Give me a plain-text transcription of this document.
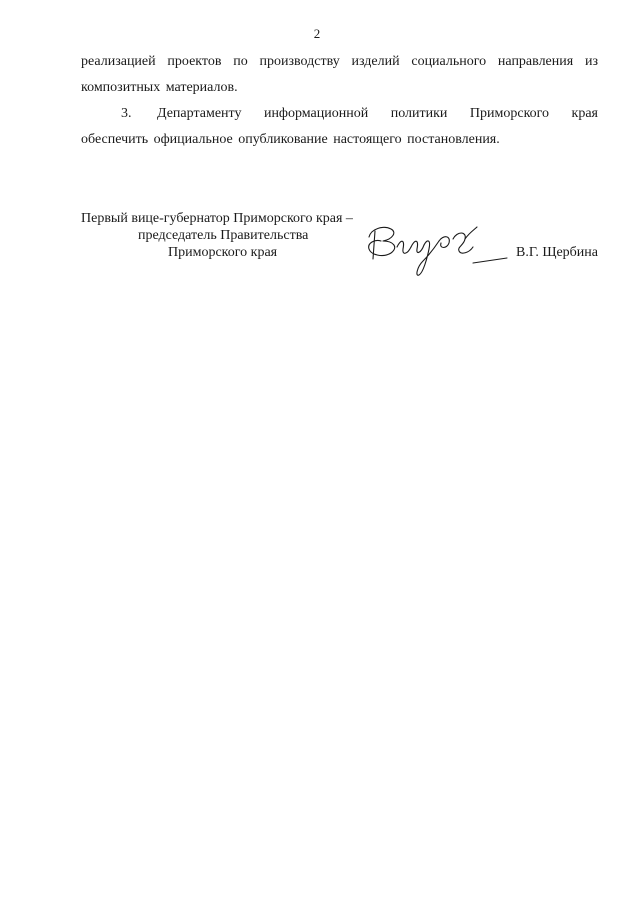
2
реализацией проектов по производству изделий социального направления из композитных материалов.
3. Департаменту информационной политики Приморского края обеспечить официальное опубликование настоящего постановления.
Первый вице-губернатор Приморского края –
председатель Правительства
Приморского края	В.Г. Щербина
